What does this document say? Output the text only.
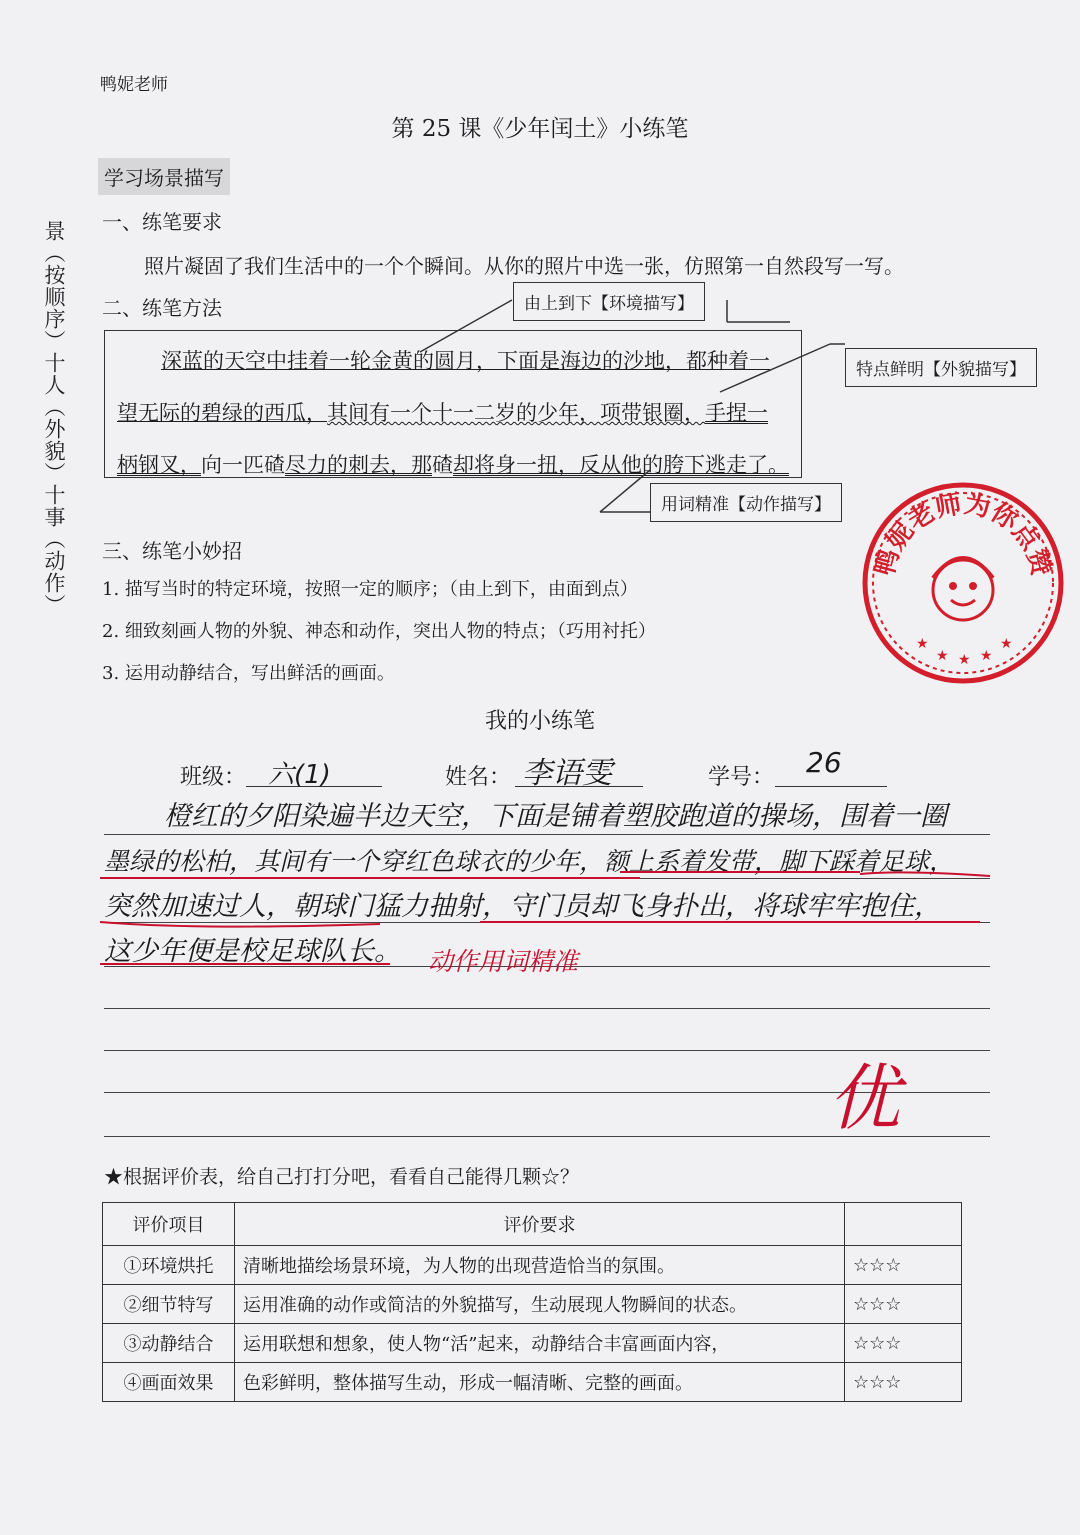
鸭妮老师
第 25 课《少年闰土》小练笔
学习场景描写
景（按顺序）十人（外貌）十事（动作） 一、练笔要求
照片凝固了我们生活中的一个个瞬间。从你的照片中选一张，仿照第一自然段写一写。
二、练笔方法
深蓝的天空中挂着一轮金黄的圆月，下面是海边的沙地，都种着一
望无际的碧绿的西瓜，其间有一个十一二岁的少年，项带银圈，手捏一
柄钢叉，向一匹碴尽力的刺去，那碴却将身一扭，反从他的胯下逃走了。
由上到下【环境描写】
特点鲜明【外貌描写】
用词精准【动作描写】
鸭妮老师为你点赞
★
★ ★ ★
★
三、练笔小妙招
1. 描写当时的特定环境，按照一定的顺序；（由上到下，由面到点）
2. 细致刻画人物的外貌、神态和动作，突出人物的特点；（巧用衬托）
3. 运用动静结合，写出鲜活的画面。
我的小练笔
班级： 六(1)	姓名： 李语雯	学号： 26
橙红的夕阳染遍半边天空，下面是铺着塑胶跑道的操场，围着一圈
墨绿的松柏，其间有一个穿红色球衣的少年，额上系着发带，脚下踩着足球，
突然加速过人，朝球门猛力抽射，守门员却飞身扑出，将球牢牢抱住，
这少年便是校足球队长。	动作用词精准
优
★根据评价表，给自己打打分吧，看看自己能得几颗☆？
评价项目	评价要求	
①环境烘托	清晰地描绘场景环境，为人物的出现营造恰当的氛围。	☆☆☆
②细节特写	运用准确的动作或简洁的外貌描写，生动展现人物瞬间的状态。	☆☆☆
③动静结合	运用联想和想象，使人物“活”起来，动静结合丰富画面内容，	☆☆☆
④画面效果	色彩鲜明，整体描写生动，形成一幅清晰、完整的画面。	☆☆☆
